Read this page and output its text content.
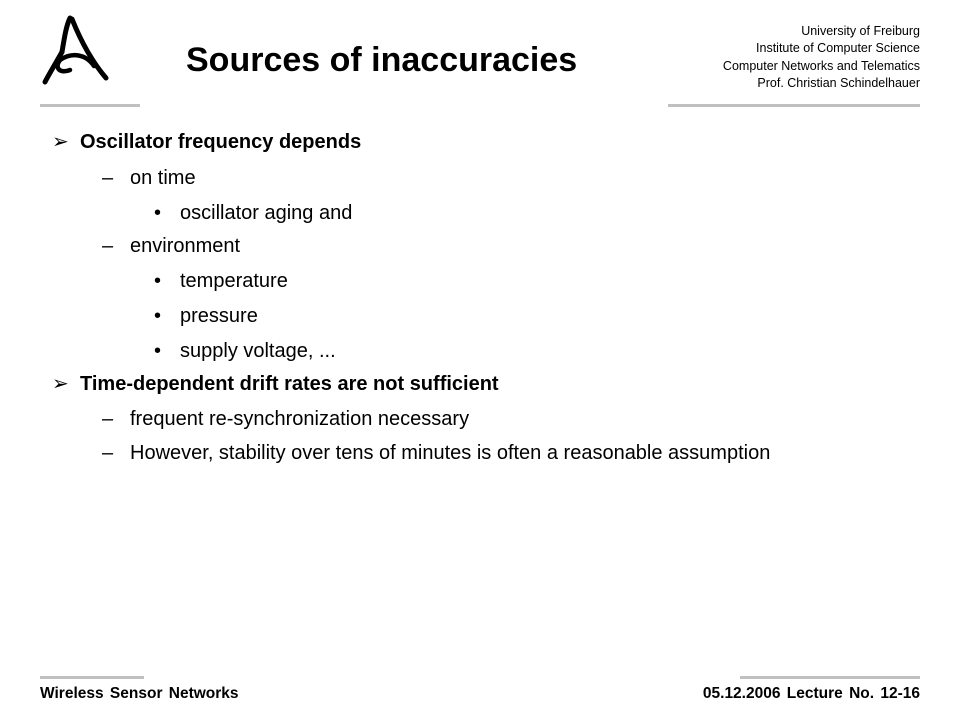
Sources of inaccuracies
University of Freiburg
Institute of Computer Science
Computer Networks and Telematics
Prof. Christian Schindelhauer
➢ Oscillator frequency depends
– on time
• oscillator aging and
– environment
• temperature
• pressure
• supply voltage, ...
➢ Time-dependent drift rates are not sufficient
– frequent re-synchronization necessary
– However, stability over tens of minutes is often a reasonable assumption
Wireless Sensor Networks	05.12.2006 Lecture No. 12-16
